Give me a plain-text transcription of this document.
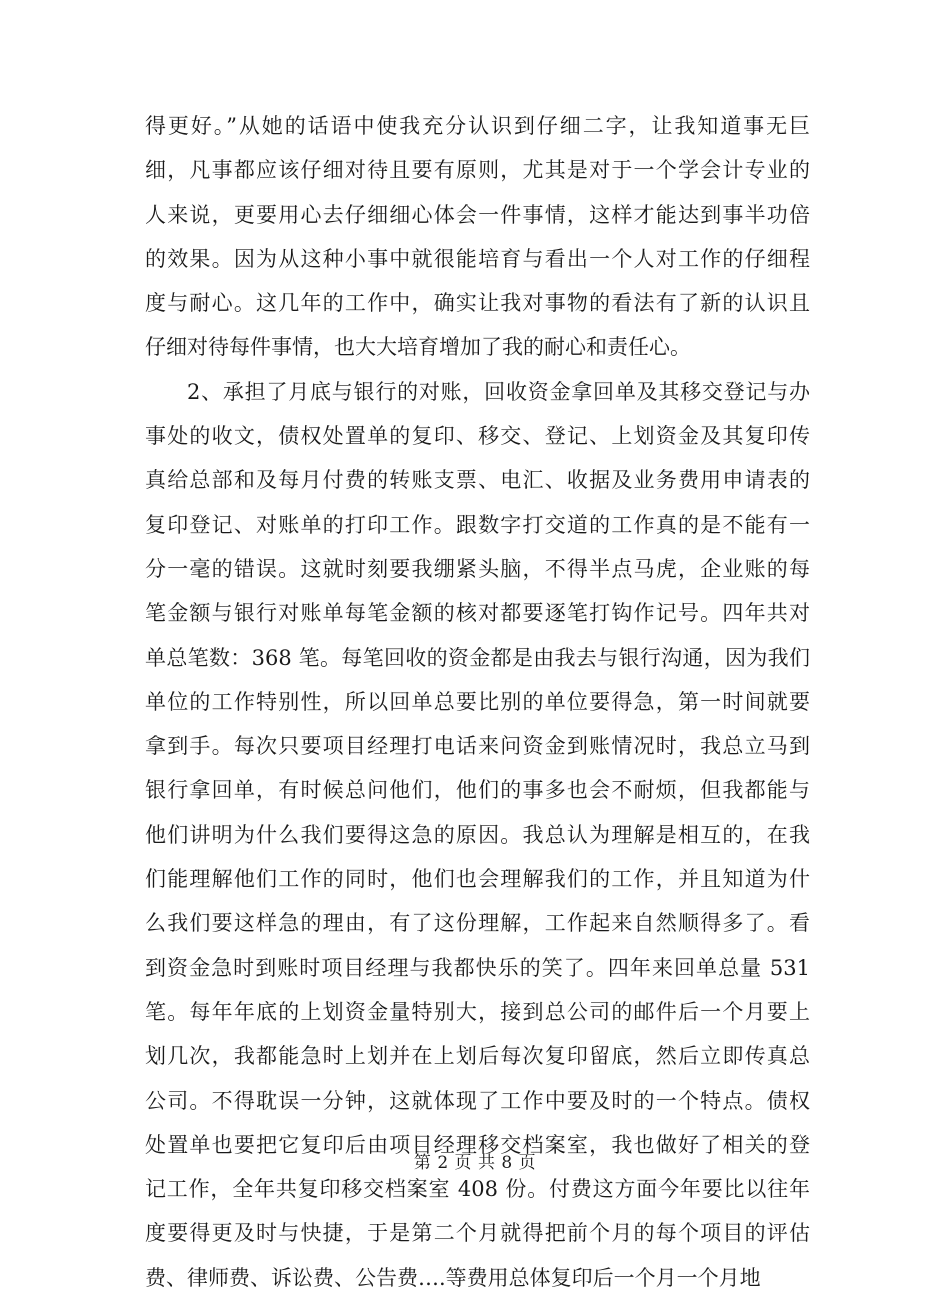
得更好。”从她的话语中使我充分认识到仔细二字，让我知道事无巨
细，凡事都应该仔细对待且要有原则，尤其是对于一个学会计专业的
人来说，更要用心去仔细细心体会一件事情，这样才能达到事半功倍
的效果。因为从这种小事中就很能培育与看出一个人对工作的仔细程
度与耐心。这几年的工作中，确实让我对事物的看法有了新的认识且
仔细对待每件事情，也大大培育增加了我的耐心和责任心。
2、承担了月底与银行的对账，回收资金拿回单及其移交登记与办
事处的收文，债权处置单的复印、移交、登记、上划资金及其复印传
真给总部和及每月付费的转账支票、电汇、收据及业务费用申请表的
复印登记、对账单的打印工作。跟数字打交道的工作真的是不能有一
分一毫的错误。这就时刻要我绷紧头脑，不得半点马虎，企业账的每
笔金额与银行对账单每笔金额的核对都要逐笔打钩作记号。四年共对
单总笔数：368 笔。每笔回收的资金都是由我去与银行沟通，因为我们
单位的工作特别性，所以回单总要比别的单位要得急，第一时间就要
拿到手。每次只要项目经理打电话来问资金到账情况时，我总立马到
银行拿回单，有时候总问他们，他们的事多也会不耐烦，但我都能与
他们讲明为什么我们要得这急的原因。我总认为理解是相互的，在我
们能理解他们工作的同时，他们也会理解我们的工作，并且知道为什
么我们要这样急的理由，有了这份理解，工作起来自然顺得多了。看
到资金急时到账时项目经理与我都快乐的笑了。四年来回单总量 531
笔。每年年底的上划资金量特别大，接到总公司的邮件后一个月要上
划几次，我都能急时上划并在上划后每次复印留底，然后立即传真总
公司。不得耽误一分钟，这就体现了工作中要及时的一个特点。债权
处置单也要把它复印后由项目经理移交档案室，我也做好了相关的登
记工作，全年共复印移交档案室 408 份。付费这方面今年要比以往年
度要得更及时与快捷，于是第二个月就得把前个月的每个项目的评估
费、律师费、诉讼费、公告费….等费用总体复印后一个月一个月地
第 2 页 共 8 页
